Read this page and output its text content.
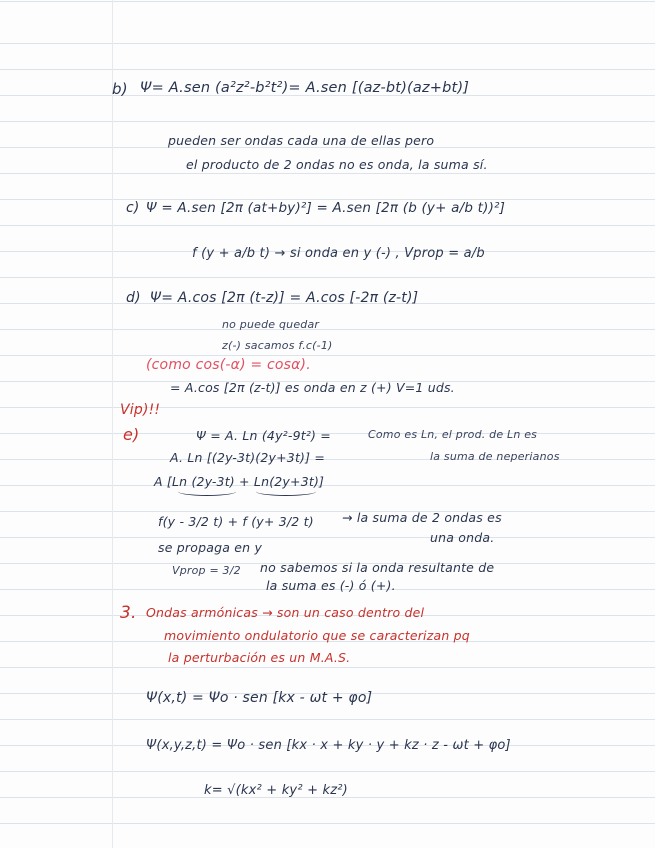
b) Ψ= A.sen (a²z²-b²t²)= A.sen [(az-bt)(az+bt)]
pueden ser ondas cada una de ellas pero
el producto de 2 ondas no es onda, la suma sí.
c) Ψ = A.sen [2π (at+by)²] = A.sen [2π (b (y+ a/b t))²]
f (y + a/b t) → si onda en y (-) , Vprop = a/b
d) Ψ= A.cos [2π (t-z)] = A.cos [-2π (z-t)]
no puede quedar
z(-) sacamos f.c(-1)
(como cos(-α) = cosα).
= A.cos [2π (z-t)] es onda en z (+) V=1 uds.
Vip)!!
e)	Ψ = A. Ln (4y²-9t²) =	Como es Ln, el prod. de Ln es
A. Ln [(2y-3t)(2y+3t)] =	la suma de neperianos
A [Ln (2y-3t) + Ln(2y+3t)]
f(y - 3/2 t) + f (y+ 3/2 t) → la suma de 2 ondas es
una onda.
se propaga en y
Vprop = 3/2 no sabemos si la onda resultante de
la suma es (-) ó (+).
3. Ondas armónicas → son un caso dentro del
movimiento ondulatorio que se caracterizan pq
la perturbación es un M.A.S.
Ψ(x,t) = Ψo · sen [kx - ωt + φo]
Ψ(x,y,z,t) = Ψo · sen [kx · x + ky · y + kz · z - ωt + φo]
k= √(kx² + ky² + kz²)
